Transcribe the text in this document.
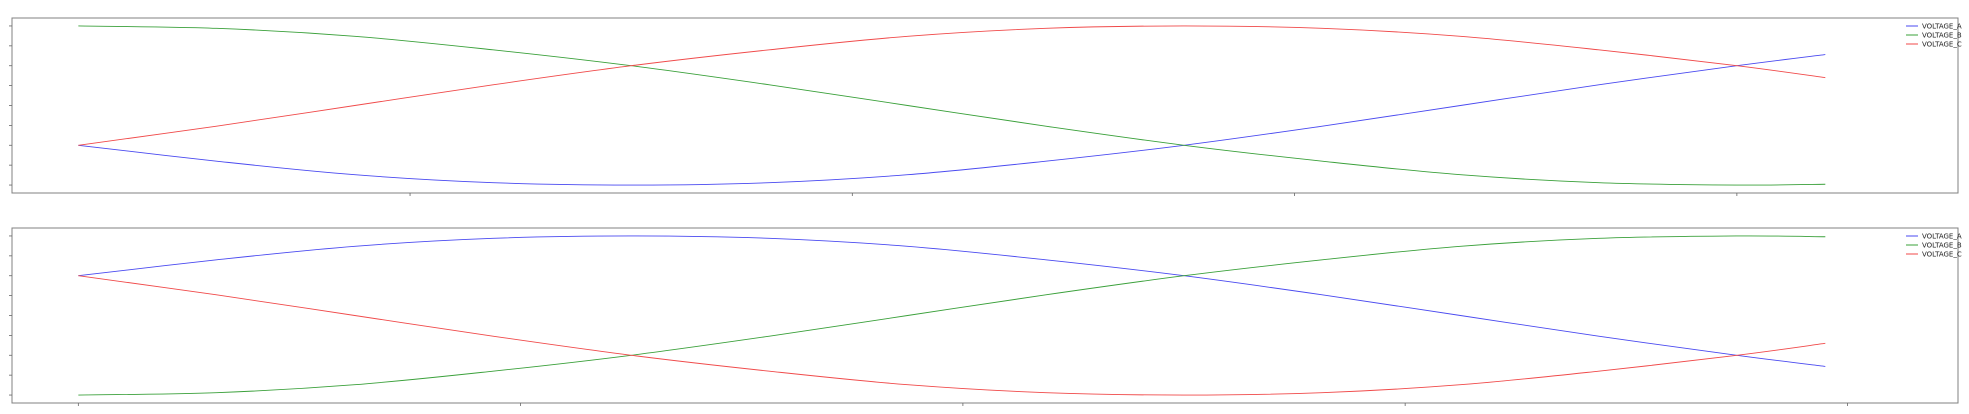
VOLTAGE_A
VOLTAGE_B
VOLTAGE_C
VOLTAGE_A
VOLTAGE_B
VOLTAGE_C
